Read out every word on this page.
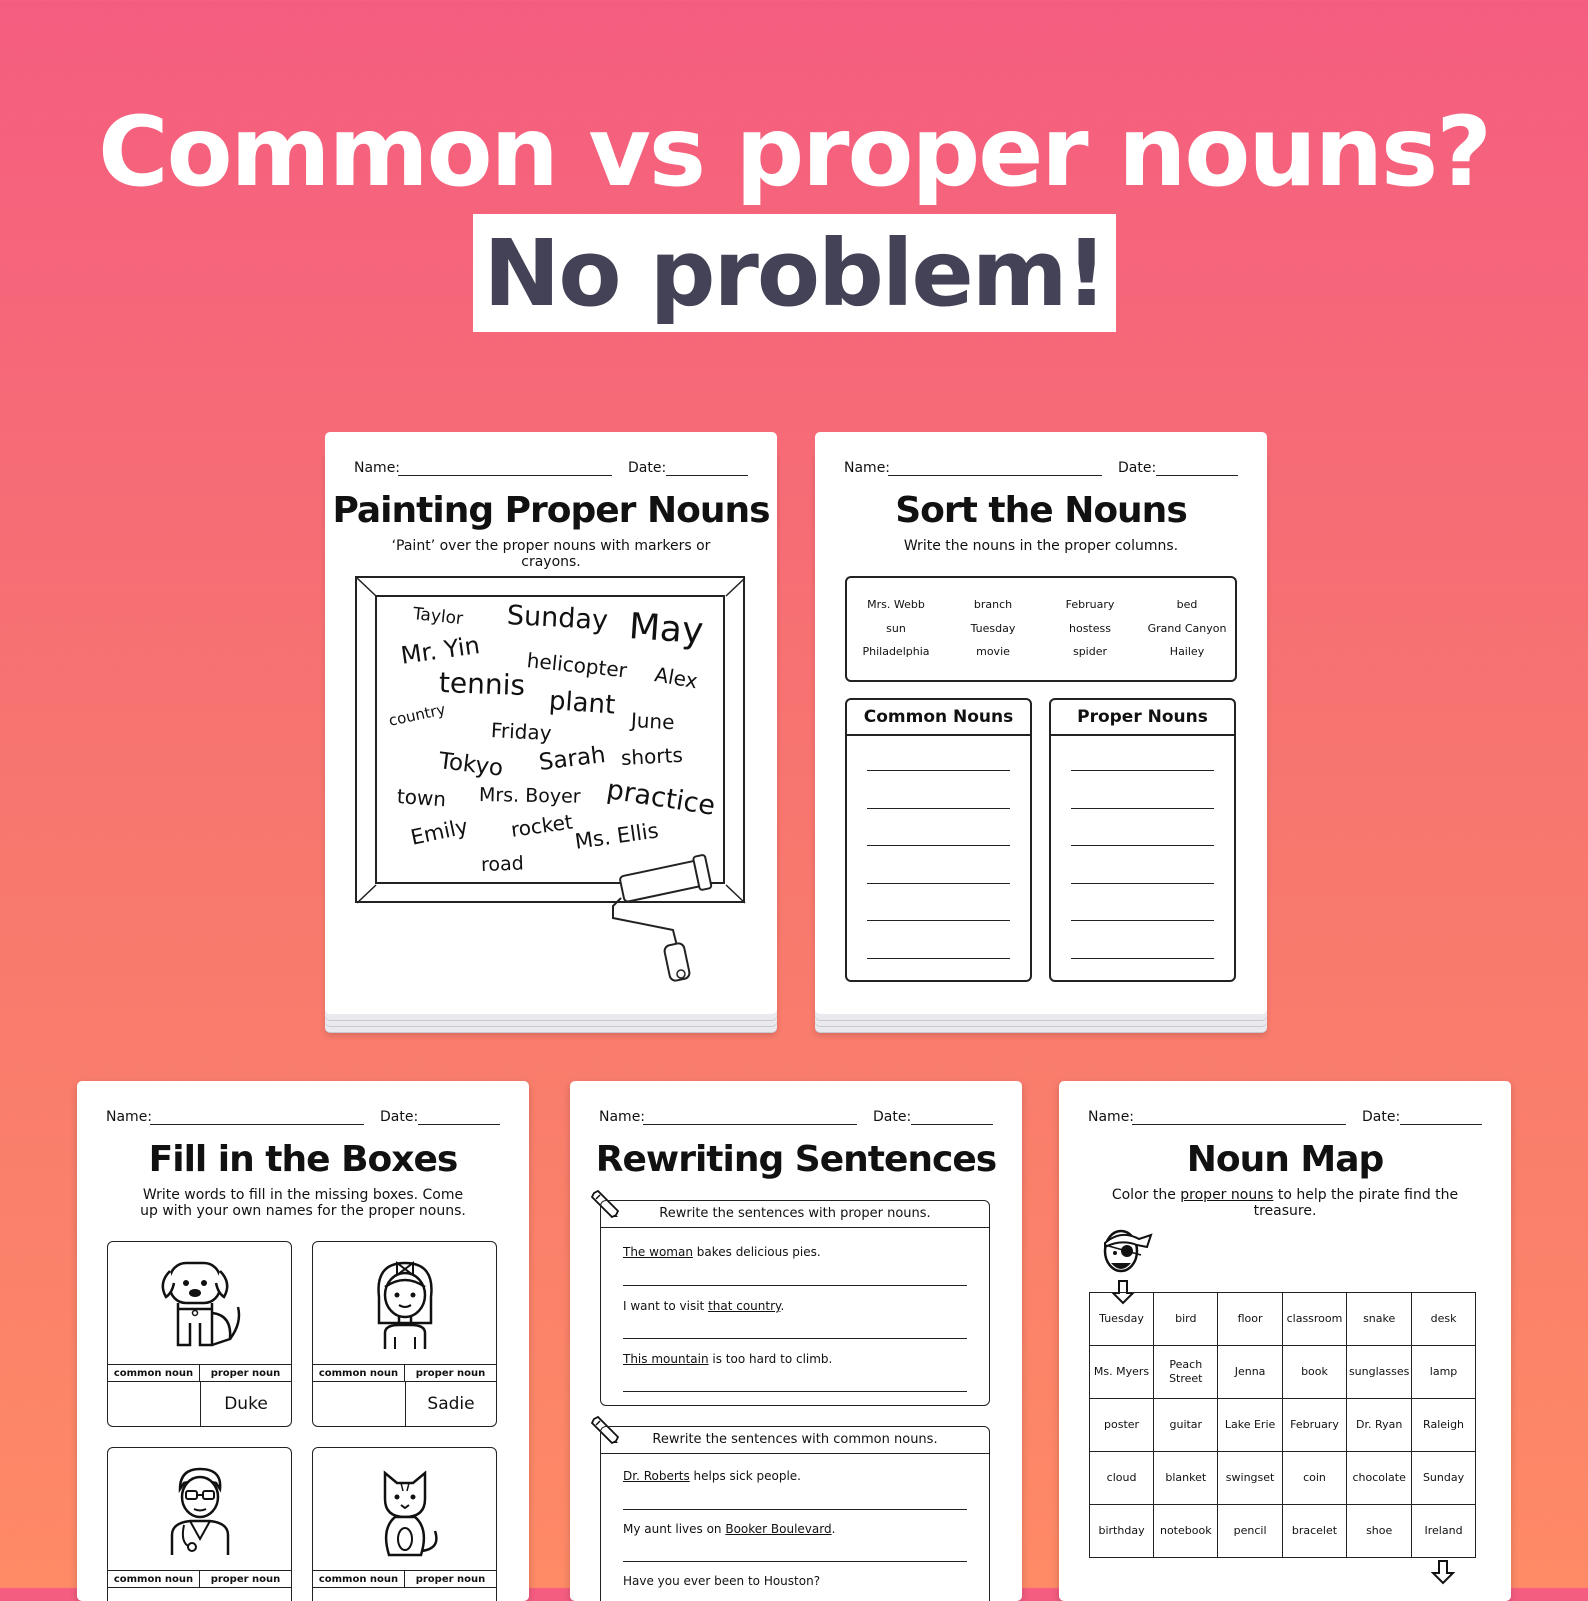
Common vs proper nouns?
No problem!
Name:	Date:
Painting Proper Nouns
‘Paint’ over the proper nouns with markers or crayons.
Taylor Sunday May
Mr. Yin helicopter
tennis	Alex
plant
country
Friday	June
Tokyo Sarah shorts
town Mrs. Boyer practice
Emily rocket Ms. Ellis
road
Name:	Date:
Sort the Nouns
Write the nouns in the proper columns.
Mrs. Webb	branch	February	bed
sun	Tuesday	hostess	Grand Canyon
Philadelphia	movie	spider	Hailey
Common Nouns	Proper Nouns
Name:	Date:
Fill in the Boxes
Write words to fill in the missing boxes. Come up with your own names for the proper nouns.
common noun	proper noun
Duke
common noun	proper noun
Sadie
common noun	proper noun	common noun	proper noun
Name:	Date:
Rewriting Sentences
Rewrite the sentences with proper nouns.
The woman bakes delicious pies.
I want to visit that country.
This mountain is too hard to climb.
Rewrite the sentences with common nouns.
Dr. Roberts helps sick people.
My aunt lives on Booker Boulevard.
Have you ever been to Houston?
Name:	Date:
Noun Map
Color the proper nouns to help the pirate find the treasure.
Tuesday	bird	floor	classroom	snake	desk
Ms. Myers	Peach Street	Jenna	book	sunglasses	lamp
poster	guitar	Lake Erie	February	Dr. Ryan	Raleigh
cloud	blanket	swingset	coin	chocolate	Sunday
birthday	notebook	pencil	bracelet	shoe	Ireland
